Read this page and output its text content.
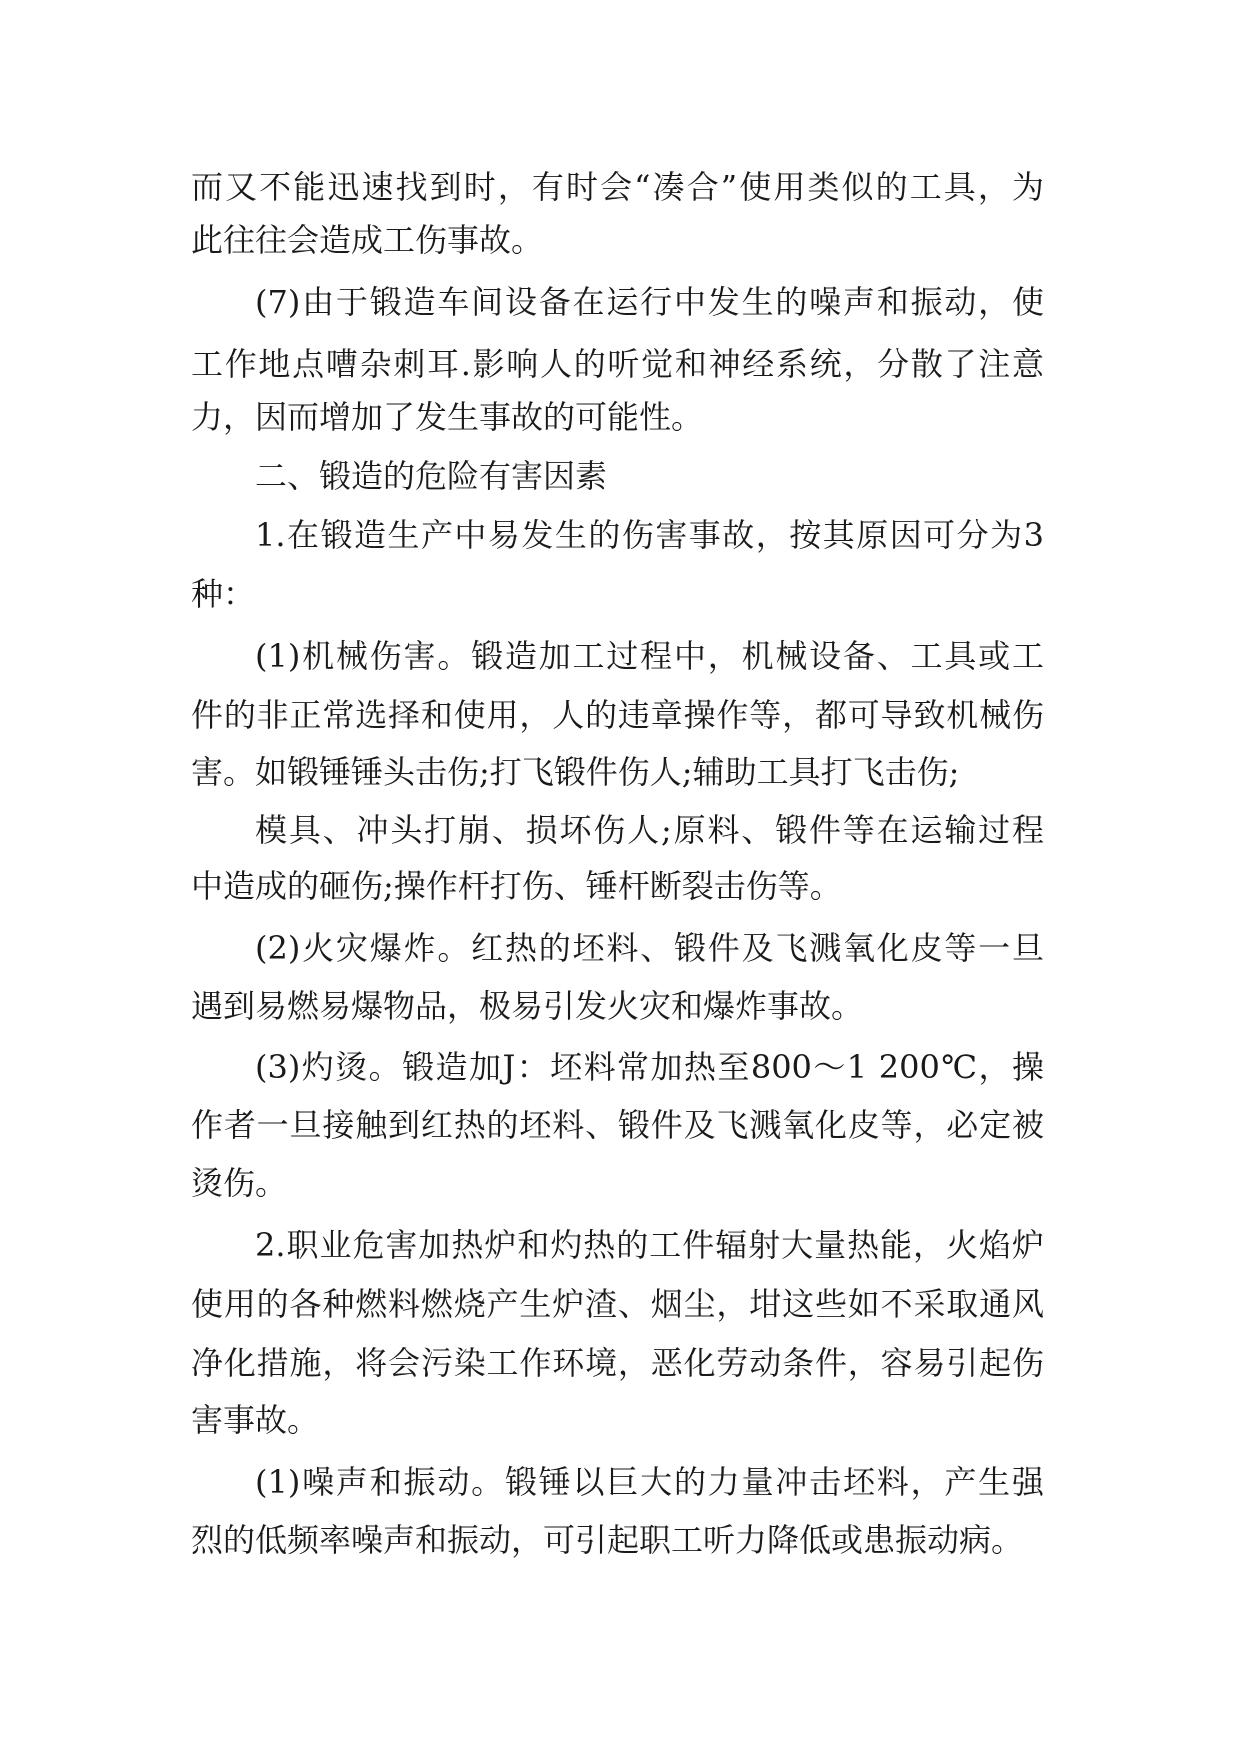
而又不能迅速找到时，有时会“凑合”使用类似的工具，为
此往往会造成工伤事故。
(7)由于锻造车间设备在运行中发生的噪声和振动，使
工作地点嘈杂刺耳.影响人的听觉和神经系统，分散了注意
力，因而增加了发生事故的可能性。
二、锻造的危险有害因素
1.在锻造生产中易发生的伤害事故，按其原因可分为3
种：
(1)机械伤害。锻造加工过程中，机械设备、工具或工
件的非正常选择和使用，人的违章操作等，都可导致机械伤
害。如锻锤锤头击伤;打飞锻件伤人;辅助工具打飞击伤;
模具、冲头打崩、损坏伤人;原料、锻件等在运输过程
中造成的砸伤;操作杆打伤、锤杆断裂击伤等。
(2)火灾爆炸。红热的坯料、锻件及飞溅氧化皮等一旦
遇到易燃易爆物品，极易引发火灾和爆炸事故。
(3)灼烫。锻造加J：坯料常加热至800～1 200℃，操
作者一旦接触到红热的坯料、锻件及飞溅氧化皮等，必定被
烫伤。
2.职业危害加热炉和灼热的工件辐射大量热能，火焰炉
使用的各种燃料燃烧产生炉渣、烟尘，坩这些如不采取通风
净化措施，将会污染工作环境，恶化劳动条件，容易引起伤
害事故。
(1)噪声和振动。锻锤以巨大的力量冲击坯料，产生强
烈的低频率噪声和振动，可引起职工听力降低或患振动病。
